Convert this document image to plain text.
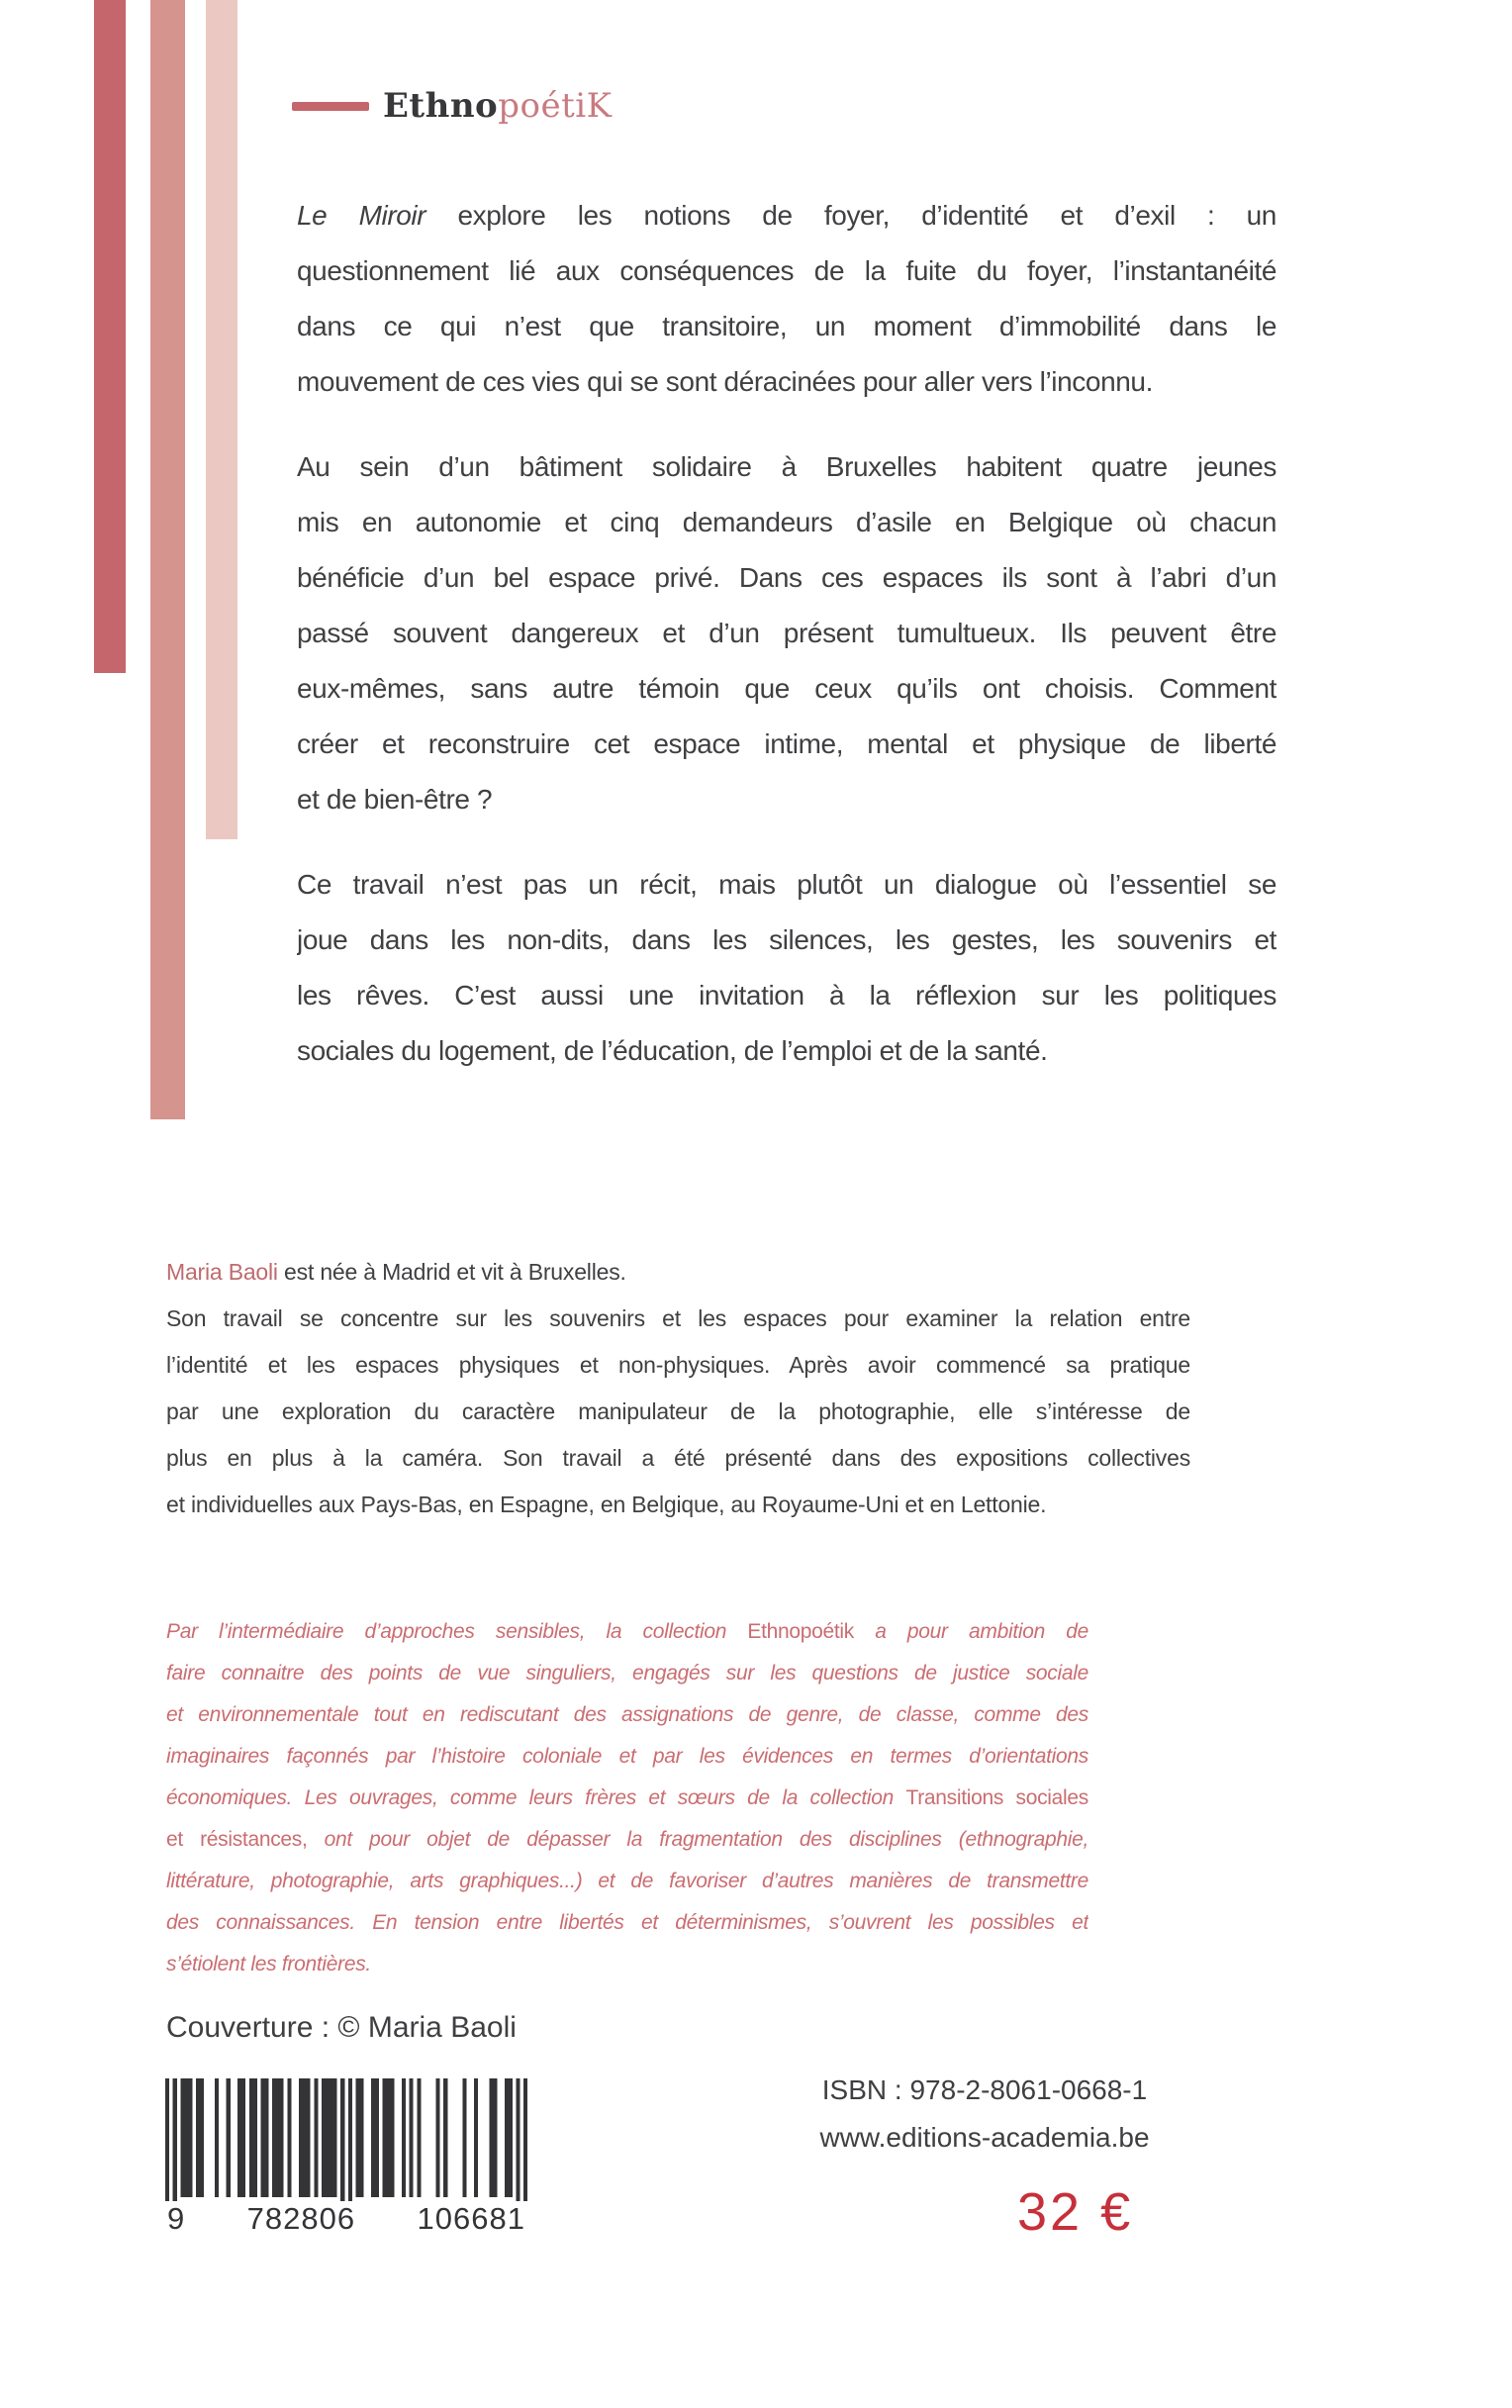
EthnopoétiK
Le Miroir explore les notions de foyer, d’identité et d’exil : un
questionnement lié aux conséquences de la fuite du foyer, l’instantanéité
dans ce qui n’est que transitoire, un moment d’immobilité dans le
mouvement de ces vies qui se sont déracinées pour aller vers l’inconnu.
Au sein d’un bâtiment solidaire à Bruxelles habitent quatre jeunes
mis en autonomie et cinq demandeurs d’asile en Belgique où chacun
bénéficie d’un bel espace privé. Dans ces espaces ils sont à l’abri d’un
passé souvent dangereux et d’un présent tumultueux. Ils peuvent être
eux-mêmes, sans autre témoin que ceux qu’ils ont choisis. Comment
créer et reconstruire cet espace intime, mental et physique de liberté
et de bien-être ?
Ce travail n’est pas un récit, mais plutôt un dialogue où l’essentiel se
joue dans les non-dits, dans les silences, les gestes, les souvenirs et
les rêves. C’est aussi une invitation à la réflexion sur les politiques
sociales du logement, de l’éducation, de l’emploi et de la santé.
Maria Baoli est née à Madrid et vit à Bruxelles.
Son travail se concentre sur les souvenirs et les espaces pour examiner la relation entre
l’identité et les espaces physiques et non-physiques. Après avoir commencé sa pratique
par une exploration du caractère manipulateur de la photographie, elle s’intéresse de
plus en plus à la caméra. Son travail a été présenté dans des expositions collectives
et individuelles aux Pays-Bas, en Espagne, en Belgique, au Royaume-Uni et en Lettonie.
Par l’intermédiaire d’approches sensibles, la collection Ethnopoétik a pour ambition de
faire connaitre des points de vue singuliers, engagés sur les questions de justice sociale
et environnementale tout en rediscutant des assignations de genre, de classe, comme des
imaginaires façonnés par l’histoire coloniale et par les évidences en termes d’orientations
économiques. Les ouvrages, comme leurs frères et sœurs de la collection Transitions sociales
et résistances, ont pour objet de dépasser la fragmentation des disciplines (ethnographie,
littérature, photographie, arts graphiques...) et de favoriser d’autres manières de transmettre
des connaissances. En tension entre libertés et déterminismes, s’ouvrent les possibles et
s’étiolent les frontières.
Couverture : © Maria Baoli
9 782806 106681
ISBN : 978-2-8061-0668-1
www.editions-academia.be
32 €
